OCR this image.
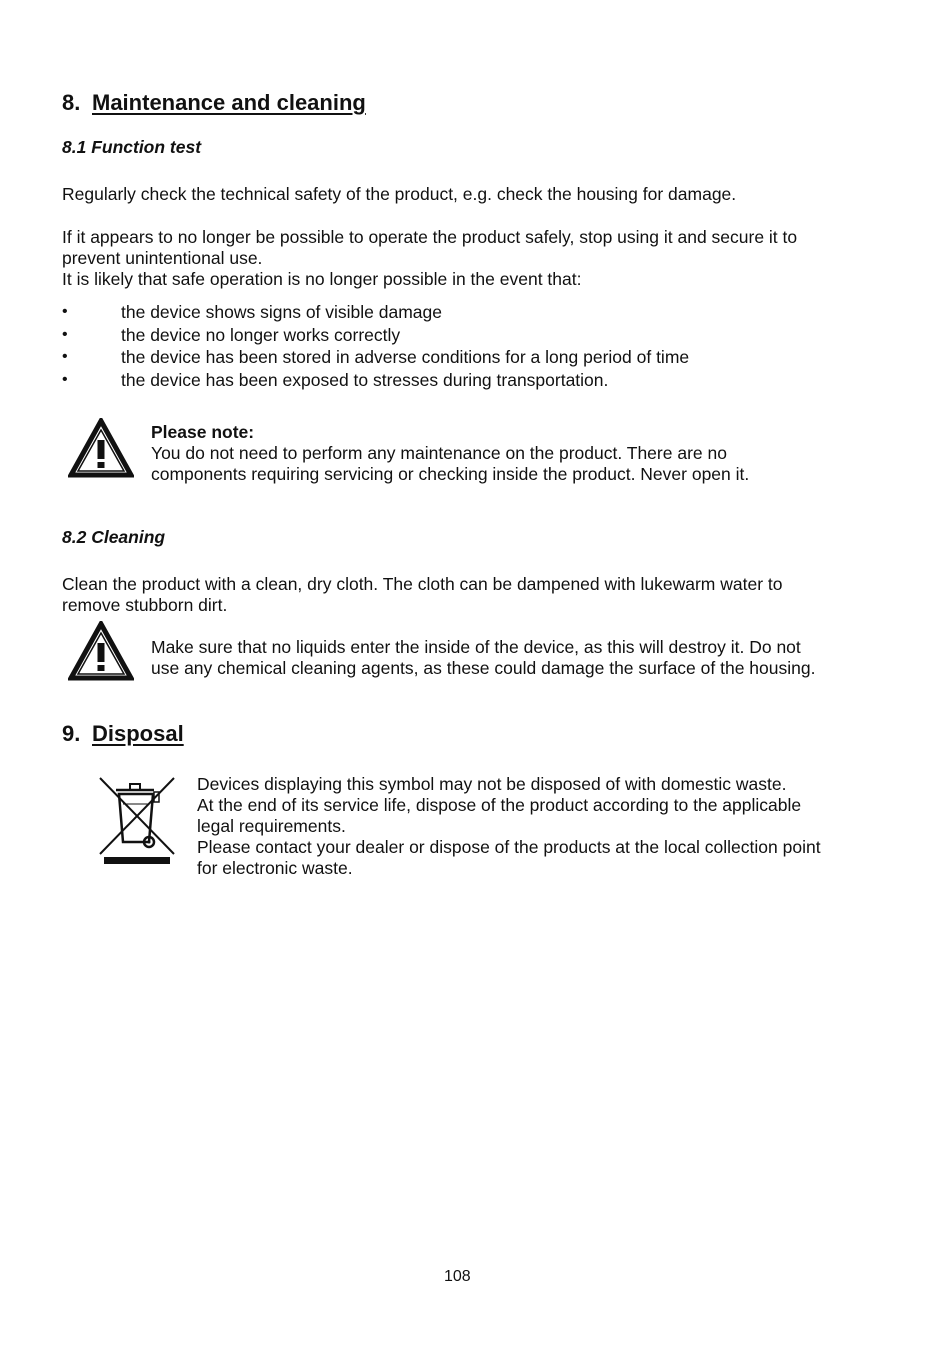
8. Maintenance and cleaning
8.1 Function test
Regularly check the technical safety of the product, e.g. check the housing for damage.
If it appears to no longer be possible to operate the product safely, stop using it and secure it to
prevent unintentional use.
It is likely that safe operation is no longer possible in the event that:
•	the device shows signs of visible damage
•	the device no longer works correctly
•	the device has been stored in adverse conditions for a long period of time
•	the device has been exposed to stresses during transportation.
Please note:
You do not need to perform any maintenance on the product. There are no
components requiring servicing or checking inside the product. Never open it.
8.2 Cleaning
Clean the product with a clean, dry cloth. The cloth can be dampened with lukewarm water to
remove stubborn dirt.
Make sure that no liquids enter the inside of the device, as this will destroy it. Do not
use any chemical cleaning agents, as these could damage the surface of the housing.
9. Disposal
Devices displaying this symbol may not be disposed of with domestic waste.
At the end of its service life, dispose of the product according to the applicable
legal requirements.
Please contact your dealer or dispose of the products at the local collection point
for electronic waste.
108
